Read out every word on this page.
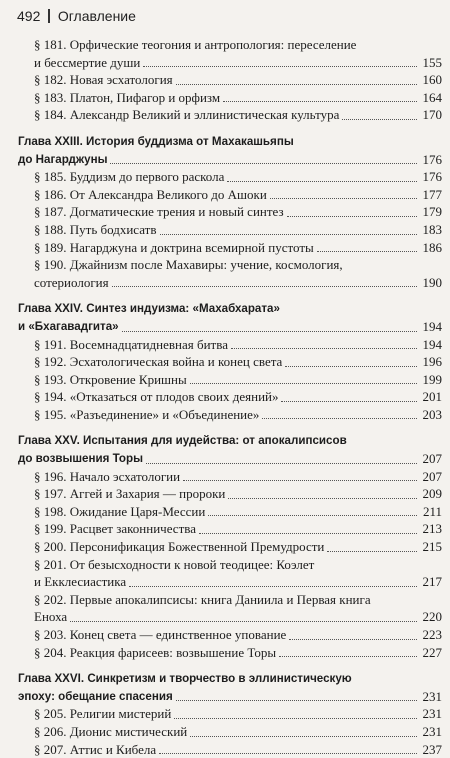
492 Оглавление
§ 181. Орфические теогония и антропология: переселение
и бессмертие души	155
§ 182. Новая эсхатология	160
§ 183. Платон, Пифагор и орфизм	164
§ 184. Александр Великий и эллинистическая культура	170
Глава XXIII. История буддизма от Махакашьяпы
до Нагарджуны	176
§ 185. Буддизм до первого раскола	176
§ 186. От Александра Великого до Ашоки	177
§ 187. Догматические трения и новый синтез	179
§ 188. Путь бодхисатв	183
§ 189. Нагарджуна и доктрина всемирной пустоты	186
§ 190. Джайнизм после Махавиры: учение, космология,
сотериология	190
Глава XXIV. Синтез индуизма: «Махабхарата»
и «Бхагавадгита»	194
§ 191. Восемнадцатидневная битва	194
§ 192. Эсхатологическая война и конец света	196
§ 193. Откровение Кришны	199
§ 194. «Отказаться от плодов своих деяний»	201
§ 195. «Разъединение» и «Объединение»	203
Глава XXV. Испытания для иудейства: от апокалипсисов
до возвышения Торы	207
§ 196. Начало эсхатологии	207
§ 197. Аггей и Захария — пророки	209
§ 198. Ожидание Царя-Мессии	211
§ 199. Расцвет законничества	213
§ 200. Персонификация Божественной Премудрости	215
§ 201. От безысходности к новой теодицее: Коэлет
и Екклесиастика	217
§ 202. Первые апокалипсисы: книга Даниила и Первая книга
Еноха	220
§ 203. Конец света — единственное упование	223
§ 204. Реакция фарисеев: возвышение Торы	227
Глава XXVI. Синкретизм и творчество в эллинистическую
эпоху: обещание спасения	231
§ 205. Религии мистерий	231
§ 206. Дионис мистический	231
§ 207. Аттис и Кибела	237
